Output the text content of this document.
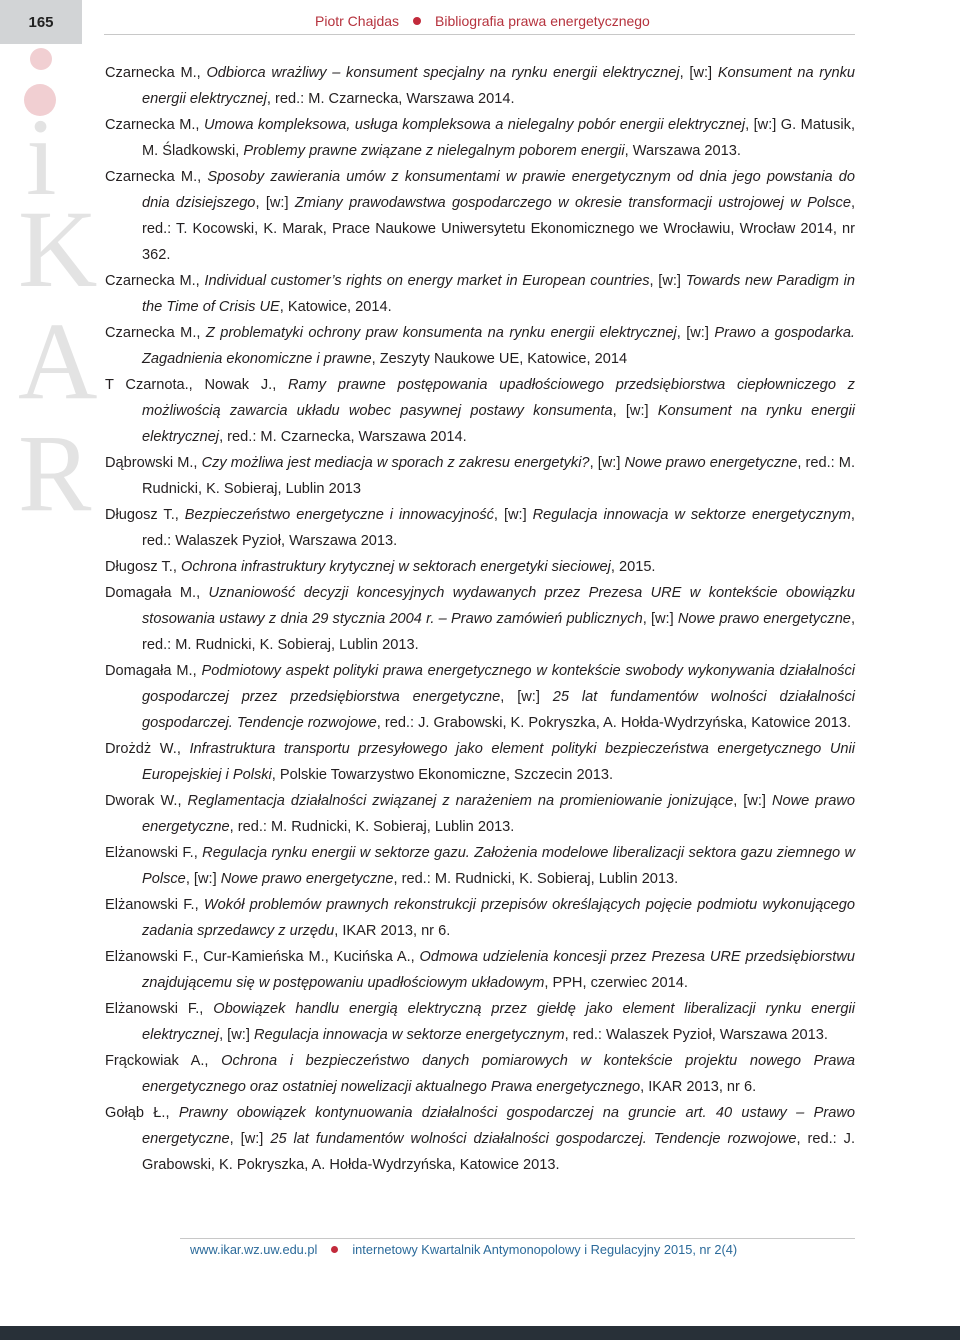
165	Piotr Chajdas	Bibliografia prawa energetycznego
i
K
A
R

Czarnecka M., Odbiorca wrażliwy – konsument specjalny na rynku energii elektrycznej, [w:] Konsument na rynku energii elektrycznej, red.: M. Czarnecka, Warszawa 2014.

Czarnecka M., Umowa kompleksowa, usługa kompleksowa a nielegalny pobór energii elektrycznej, [w:] G. Matusik, M. Śladkowski, Problemy prawne związane z nielegalnym poborem energii, Warszawa 2013.

Czarnecka M., Sposoby zawierania umów z konsumentami w prawie energetycznym od dnia jego powstania do dnia dzisiejszego, [w:] Zmiany prawodawstwa gospodarczego w okresie transformacji ustrojowej w Polsce, red.: T. Kocowski, K. Marak, Prace Naukowe Uniwersytetu Ekonomicznego we Wrocławiu, Wrocław 2014, nr 362.

Czarnecka M., Individual customer’s rights on energy market in European countries, [w:] Towards new Paradigm in the Time of Crisis UE, Katowice, 2014.

Czarnecka M., Z problematyki ochrony praw konsumenta na rynku energii elektrycznej, [w:] Prawo a gospodarka. Zagadnienia ekonomiczne i prawne, Zeszyty Naukowe UE, Katowice, 2014

T Czarnota., Nowak J., Ramy prawne postępowania upadłościowego przedsiębiorstwa ciepłowniczego z możliwością zawarcia układu wobec pasywnej postawy konsumenta, [w:] Konsument na rynku energii elektrycznej, red.: M. Czarnecka, Warszawa 2014.

Dąbrowski M., Czy możliwa jest mediacja w sporach z zakresu energetyki?, [w:] Nowe prawo energetyczne, red.: M. Rudnicki, K. Sobieraj, Lublin 2013

Długosz T., Bezpieczeństwo energetyczne i innowacyjność, [w:] Regulacja innowacja w sektorze energetycznym, red.: Walaszek Pyzioł, Warszawa 2013.

Długosz T., Ochrona infrastruktury krytycznej w sektorach energetyki sieciowej, 2015.

Domagała M., Uznaniowość decyzji koncesyjnych wydawanych przez Prezesa URE w kontekście obowiązku stosowania ustawy z dnia 29 stycznia 2004 r. – Prawo zamówień publicznych, [w:] Nowe prawo energetyczne, red.: M. Rudnicki, K. Sobieraj, Lublin 2013.

Domagała M., Podmiotowy aspekt polityki prawa energetycznego w kontekście swobody wykonywania działalności gospodarczej przez przedsiębiorstwa energetyczne, [w:] 25 lat fundamentów wolności działalności gospodarczej. Tendencje rozwojowe, red.: J. Grabowski, K. Pokryszka, A. Hołda-Wydrzyńska, Katowice 2013.

Drożdż W., Infrastruktura transportu przesyłowego jako element polityki bezpieczeństwa energetycznego Unii Europejskiej i Polski, Polskie Towarzystwo Ekonomiczne, Szczecin 2013.

Dworak W., Reglamentacja działalności związanej z narażeniem na promieniowanie jonizujące, [w:] Nowe prawo energetyczne, red.: M. Rudnicki, K. Sobieraj, Lublin 2013.

Elżanowski F., Regulacja rynku energii w sektorze gazu. Założenia modelowe liberalizacji sektora gazu ziemnego w Polsce, [w:] Nowe prawo energetyczne, red.: M. Rudnicki, K. Sobieraj, Lublin 2013.

Elżanowski F., Wokół problemów prawnych rekonstrukcji przepisów określających pojęcie podmiotu wykonującego zadania sprzedawcy z urzędu, IKAR 2013, nr 6.

Elżanowski F., Cur-Kamieńska M., Kucińska A., Odmowa udzielenia koncesji przez Prezesa URE przedsiębiorstwu znajdującemu się w postępowaniu upadłościowym układowym, PPH, czerwiec 2014.

Elżanowski F., Obowiązek handlu energią elektryczną przez giełdę jako element liberalizacji rynku energii elektrycznej, [w:] Regulacja innowacja w sektorze energetycznym, red.: Walaszek Pyzioł, Warszawa 2013.

Frąckowiak A., Ochrona i bezpieczeństwo danych pomiarowych w kontekście projektu nowego Prawa energetycznego oraz ostatniej nowelizacji aktualnego Prawa energetycznego, IKAR 2013, nr 6.

Gołąb Ł., Prawny obowiązek kontynuowania działalności gospodarczej na gruncie art. 40 ustawy – Prawo energetyczne, [w:] 25 lat fundamentów wolności działalności gospodarczej. Tendencje rozwojowe, red.: J. Grabowski, K. Pokryszka, A. Hołda-Wydrzyńska, Katowice 2013.

www.ikar.wz.uw.edu.pl	internetowy Kwartalnik Antymonopolowy i Regulacyjny 2015, nr 2(4)
